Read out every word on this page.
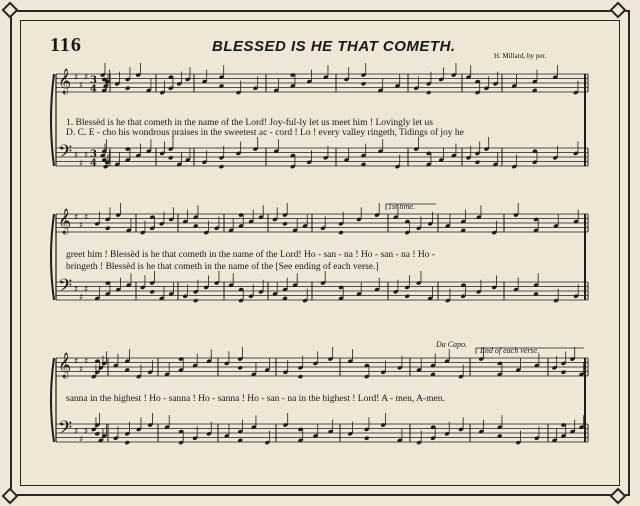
116	BLESSED IS HE THAT COMETH.
H. Millard, by per.
𝄞
𝄢
♯
♯
♯
♯
♯
♯
3
4
3
4
𝄞
𝄢
♯
♯
♯
♯
♯
♯
𝄞
𝄢
♯
♯
♯
♯
♯
♯
1. Blessèd is he that cometh in the name of the Lord! Joy-ful-ly let us meet him ! Lovingly let us
D. C. E - cho his wondrous praises in the sweetest ac - cord ! Lo ! every valley ringeth, Tidings of joy he
1st time.
greet him ! Blessèd is he that cometh in the name of the Lord! Ho - san - na ! Ho - san - na ! Ho -
bringeth ! Blessèd is he that cometh in the name of the [See ending of each verse.]
Da Capo.
End of each verse.
sanna in the highest ! Ho - sanna ! Ho - sanna ! Ho - san - na in the highest ! Lord! A - men, A-men.
